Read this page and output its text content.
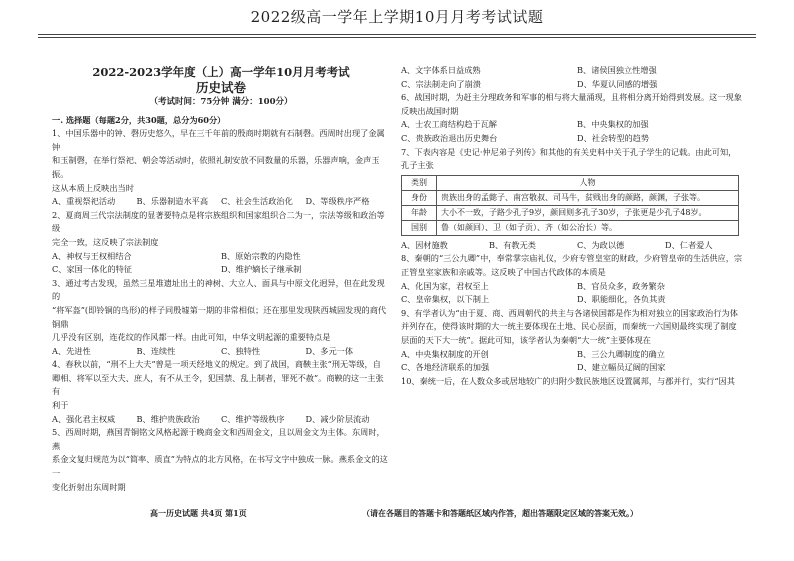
2022级高一学年上学期10月月考考试试题
2022-2023学年度（上）高一学年10月月考考试
历史试卷
（考试时间：75分钟 满分：100分）
一. 选择题（每题2分，共30题，总分为60分）
1、中国乐器中的钟、磬历史悠久，早在三千年前的殷商时期就有石制磬。西周时出现了金属钟
和玉制磬，在举行祭祀、朝会等活动时，依照礼制安放不同数量的乐器，乐器声响，金声玉振。
这从本质上反映出当时
A、重视祭祀活动	B、乐器制造水平高	C、社会生活政治化	D、等级秩序严格
2、夏商周三代宗法制度的显著要特点是将宗族组织和国家组织合二为一，宗法等级和政治等级
完全一致，这反映了宗法制度
A、神权与王权相结合	B、原始宗教的内隐性
C、家国一体化的特征	D、维护嫡长子继承制
3、通过考古发现，虽然三星堆遗址出土的神树、大立人、面具与中原文化迥异，但在此发现的
“将军盔”(即铃铜的鸟形)的样子同殷墟第一期的非常相似；还在那里发现陕西城固发现的商代铜鼎
几乎没有区别，连花纹的作风都一样。由此可知，中华文明起源的重要特点是
A、先进性	B、连续性	C、独特性	D、多元一体
4、春秋以前，“刑不上大夫”曾是一项天经地义的规定。到了战国，商鞅主张“刑无等级，自
卿相、将军以至大夫、庶人，有不从王令，犯国禁、乱上制者，罪死不赦”。商鞅的这一主张有
利于
A、强化君主权威	B、维护贵族政治	C、维护等级秩序	D、减少阶层流动
5、西周时期，燕国青铜铭文风格起源于晚商金文和西周金文，且以周金文为主体。东周时，燕
系金文复归规范为以“简率、质直”为特点的北方风格，在书写文字中独成一脉。燕系金文的这一
变化折射出东周时期
A、文字体系日益成熟	B、诸侯国独立性增强
C、宗法制走向了崩溃	D、华夏认同感的增强
6、战国时期，为赶主分理政务和军事的相与将大量涌现，且将相分离开始得到发展。这一现象
反映出战国时期
A、士农工商结构趋于瓦解	B、中央集权的加强
C、贵族政治退出历史舞台	D、社会转型的趋势
7、下表内容是《史记·仲尼弟子列传》和其他的有关史料中关于孔子学生的记载。由此可知，
孔子主张
类别	人物
身份	贵族出身的孟懿子、南宫敬叔、司马牛，贫贱出身的颜路，颜渊，子张等。
年龄	大小不一致，子路少孔子9岁，颜回则多孔子30岁，子张更是少孔子48岁。
国别	鲁（如颜回）、卫（如子贡）、齐（如公冶长）等。
A、因材施教	B、有教无类	C、为政以德	D、仁者爱人
8、秦朝的“三公九卿”中，奉常掌宗庙礼仪，少府专管皇室的财政，少府管皇帝的生活供应，宗
正管皇室家族和亲戚等。这反映了中国古代政体的本质是
A、化国为家，君权至上	B、官员众多，政务繁杂
C、皇帝集权，以下制上	D、职能细化，各负其责
9、有学者认为“由于夏、商、西周朝代的共主与各诸侯国都是作为相对独立的国家政治行为体
并列存在，使得该时期的大一统主要体现在土地、民心层面，而秦统一六国则最终实现了制度
层面的天下大一统”。据此可知，该学者认为秦朝“大一统”主要体现在
A、中央集权制度的开创	B、三公九卿制度的确立
C、各地经济联系的加强	D、建立幅员辽阔的国家
10、秦统一后，在人数众多或居地较广的归附少数民族地区设置属邦，与郡并行，实行“因其
高一历史试题 共4页 第1页	（请在各题目的答题卡和答题纸区域内作答，超出答题限定区域的答案无效。）
